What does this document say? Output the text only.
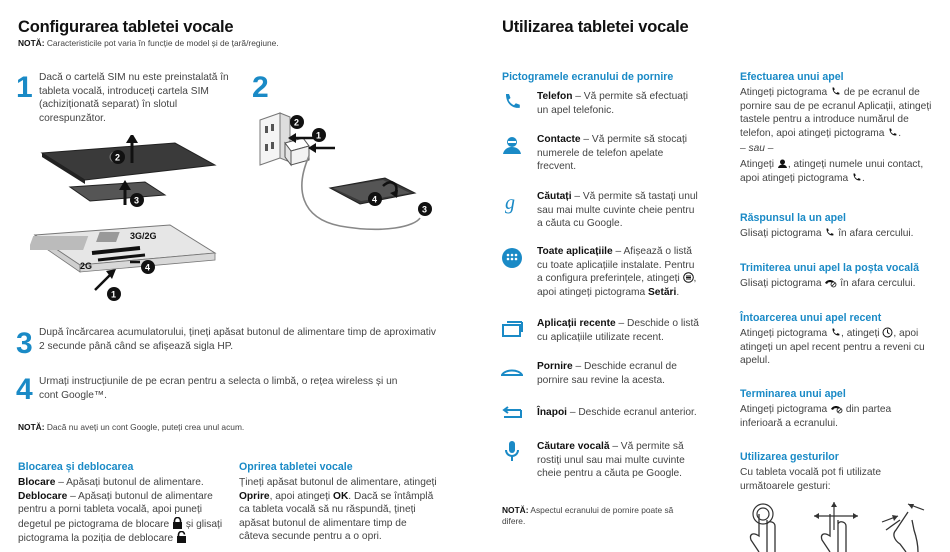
Configurarea tabletei vocale
NOTĂ: Caracteristicile pot varia în funcție de model și de țară/regiune.
1 Dacă o cartelă SIM nu este preinstalată în tableta vocală, introduceți cartela SIM (achiziționată separat) în slotul corespunzător.
3G/2G
2G
2
3
4
1
2
2
1
4
3
3 După încărcarea acumulatorului, țineți apăsat butonul de alimentare timp de aproximativ 2 secunde până când se afișează sigla HP.
4 Urmați instrucțiunile de pe ecran pentru a selecta o limbă, o rețea wireless și un cont Google™.
NOTĂ: Dacă nu aveți un cont Google, puteți crea unul acum.
Blocarea și deblocarea
Blocare – Apăsați butonul de alimentare.
Deblocare – Apăsați butonul de alimentare pentru a porni tableta vocală, apoi puneți degetul pe pictograma de blocare  și glisați pictograma la poziția de deblocare
Oprirea tabletei vocale
Țineți apăsat butonul de alimentare, atingeți Oprire, apoi atingeți OK. Dacă se întâmplă ca tableta vocală să nu răspundă, țineți apăsat butonul de alimentare timp de câteva secunde pentru a o opri.
Utilizarea tabletei vocale
Pictogramele ecranului de pornire
Telefon – Vă permite să efectuați un apel telefonic.
Contacte – Vă permite să stocați numerele de telefon apelate frecvent.
g Căutați – Vă permite să tastați unul sau mai multe cuvinte cheie pentru a căuta cu Google.
Toate aplicațiile – Afișează o listă cu toate aplicațiile instalate. Pentru a configura preferințele, atingeți , apoi atingeți pictograma Setări.
Aplicații recente – Deschide o listă cu aplicațiile utilizate recent.
Pornire – Deschide ecranul de pornire sau revine la acesta.
Înapoi – Deschide ecranul anterior.
Căutare vocală – Vă permite să rostiți unul sau mai multe cuvinte cheie pentru a căuta pe Google.
NOTĂ: Aspectul ecranului de pornire poate să difere.
Efectuarea unui apel
Atingeți pictograma  de pe ecranul de pornire sau de pe ecranul Aplicații, atingeți tastele pentru a introduce numărul de telefon, apoi atingeți pictograma .
– sau –
Atingeți , atingeți numele unui contact, apoi atingeți pictograma .
Răspunsul la un apel
Glisați pictograma  în afara cercului.
Trimiterea unui apel la poșta vocală
Glisați pictograma  în afara cercului.
Întoarcerea unui apel recent
Atingeți pictograma , atingeți , apoi atingeți un apel recent pentru a reveni cu apelul.
Terminarea unui apel
Atingeți pictograma  din partea inferioară a ecranului.
Utilizarea gesturilor
Cu tableta vocală pot fi utilizate următoarele gesturi:
